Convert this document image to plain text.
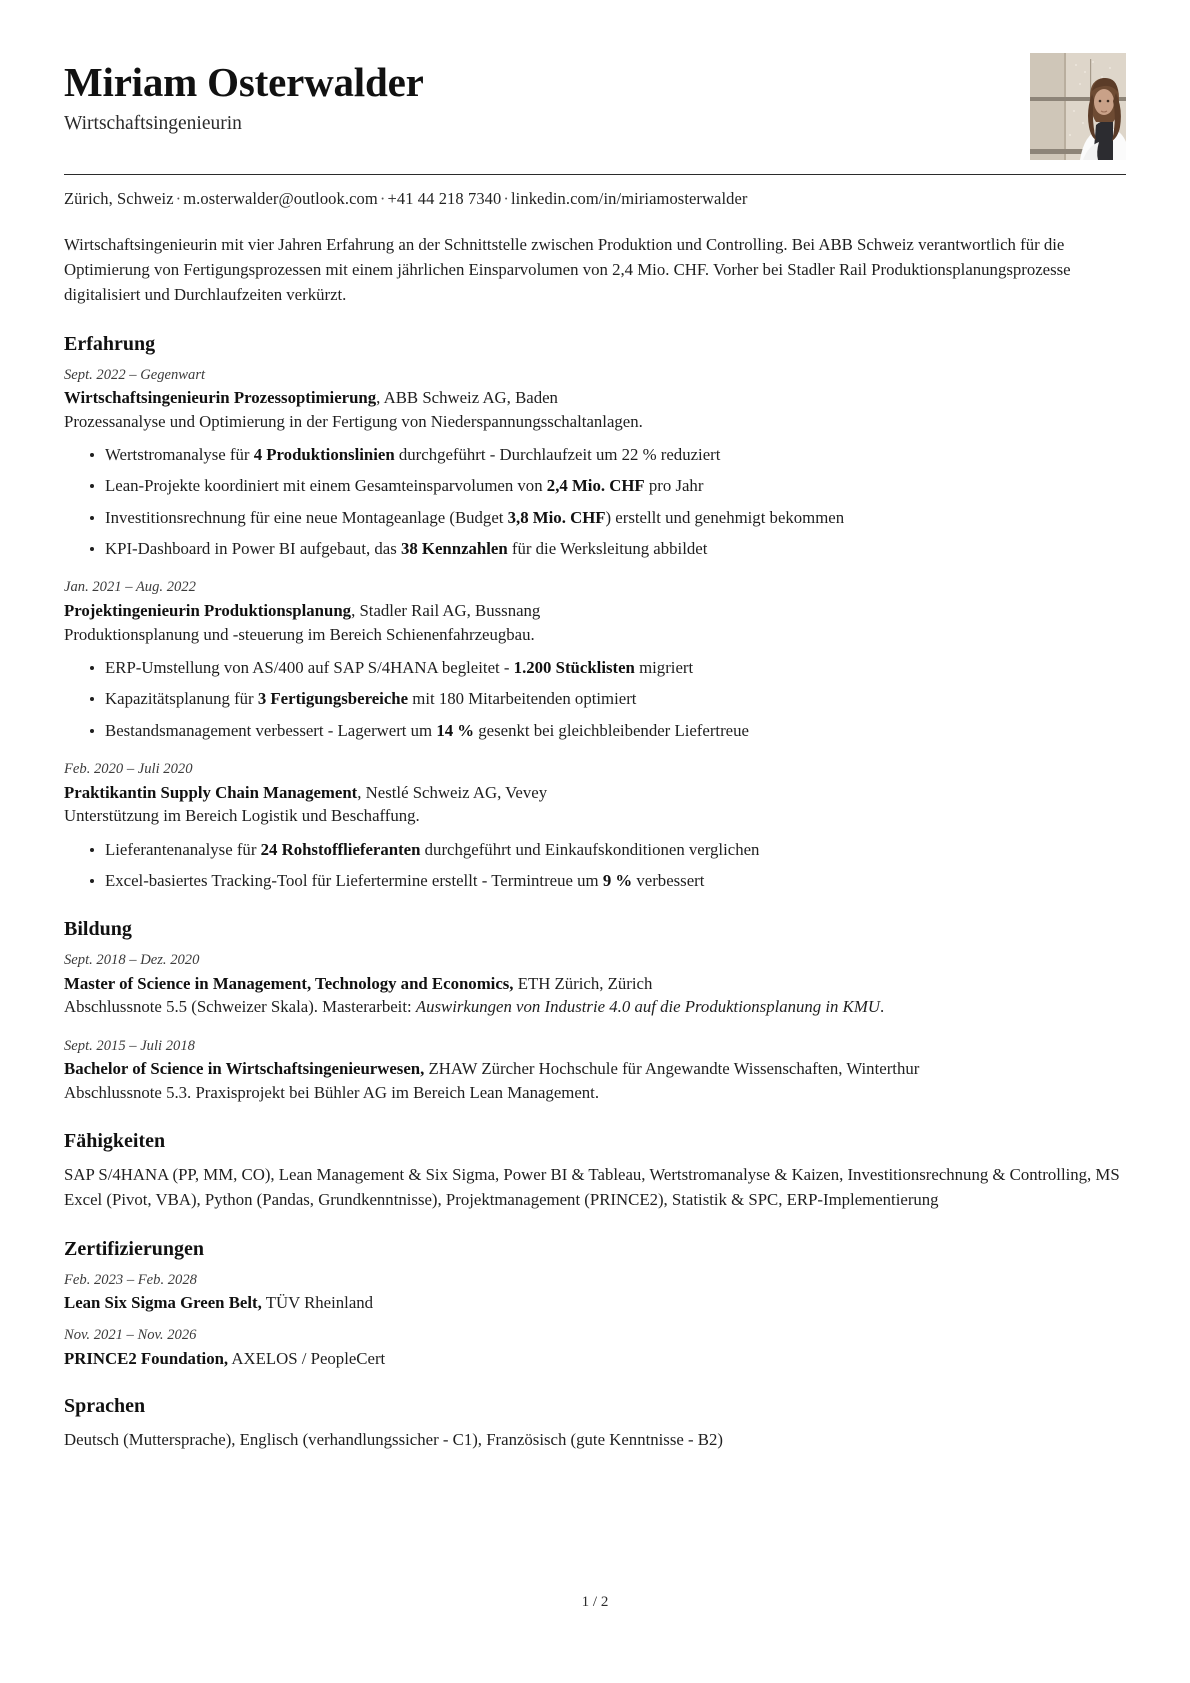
Miriam Osterwalder
Wirtschaftsingenieurin
Zürich, Schweiz · m.osterwalder@outlook.com · +41 44 218 7340 · linkedin.com/in/miriamosterwalder
Wirtschaftsingenieurin mit vier Jahren Erfahrung an der Schnittstelle zwischen Produktion und Controlling. Bei ABB Schweiz verantwortlich für die Optimierung von Fertigungsprozessen mit einem jährlichen Einsparvolumen von 2,4 Mio. CHF. Vorher bei Stadler Rail Produktionsplanungsprozesse digitalisiert und Durchlaufzeiten verkürzt.
Erfahrung
Sept. 2022 – Gegenwart
Wirtschaftsingenieurin Prozessoptimierung, ABB Schweiz AG, Baden
Prozessanalyse und Optimierung in der Fertigung von Niederspannungsschaltanlagen.
Wertstromanalyse für 4 Produktionslinien durchgeführt - Durchlaufzeit um 22 % reduziert
Lean-Projekte koordiniert mit einem Gesamteinsparvolumen von 2,4 Mio. CHF pro Jahr
Investitionsrechnung für eine neue Montageanlage (Budget 3,8 Mio. CHF) erstellt und genehmigt bekommen
KPI-Dashboard in Power BI aufgebaut, das 38 Kennzahlen für die Werksleitung abbildet
Jan. 2021 – Aug. 2022
Projektingenieurin Produktionsplanung, Stadler Rail AG, Bussnang
Produktionsplanung und -steuerung im Bereich Schienenfahrzeugbau.
ERP-Umstellung von AS/400 auf SAP S/4HANA begleitet - 1.200 Stücklisten migriert
Kapazitätsplanung für 3 Fertigungsbereiche mit 180 Mitarbeitenden optimiert
Bestandsmanagement verbessert - Lagerwert um 14 % gesenkt bei gleichbleibender Liefertreue
Feb. 2020 – Juli 2020
Praktikantin Supply Chain Management, Nestlé Schweiz AG, Vevey
Unterstützung im Bereich Logistik und Beschaffung.
Lieferantenanalyse für 24 Rohstofflieferanten durchgeführt und Einkaufskonditionen verglichen
Excel-basiertes Tracking-Tool für Liefertermine erstellt - Termintreue um 9 % verbessert
Bildung
Sept. 2018 – Dez. 2020
Master of Science in Management, Technology and Economics, ETH Zürich, Zürich
Abschlussnote 5.5 (Schweizer Skala). Masterarbeit: Auswirkungen von Industrie 4.0 auf die Produktionsplanung in KMU.
Sept. 2015 – Juli 2018
Bachelor of Science in Wirtschaftsingenieurwesen, ZHAW Zürcher Hochschule für Angewandte Wissenschaften, Winterthur
Abschlussnote 5.3. Praxisprojekt bei Bühler AG im Bereich Lean Management.
Fähigkeiten
SAP S/4HANA (PP, MM, CO), Lean Management & Six Sigma, Power BI & Tableau, Wertstromanalyse & Kaizen, Investitionsrechnung & Controlling, MS Excel (Pivot, VBA), Python (Pandas, Grundkenntnisse), Projektmanagement (PRINCE2), Statistik & SPC, ERP-Implementierung
Zertifizierungen
Feb. 2023 – Feb. 2028
Lean Six Sigma Green Belt, TÜV Rheinland
Nov. 2021 – Nov. 2026
PRINCE2 Foundation, AXELOS / PeopleCert
Sprachen
Deutsch (Muttersprache), Englisch (verhandlungssicher - C1), Französisch (gute Kenntnisse - B2)
1 / 2
